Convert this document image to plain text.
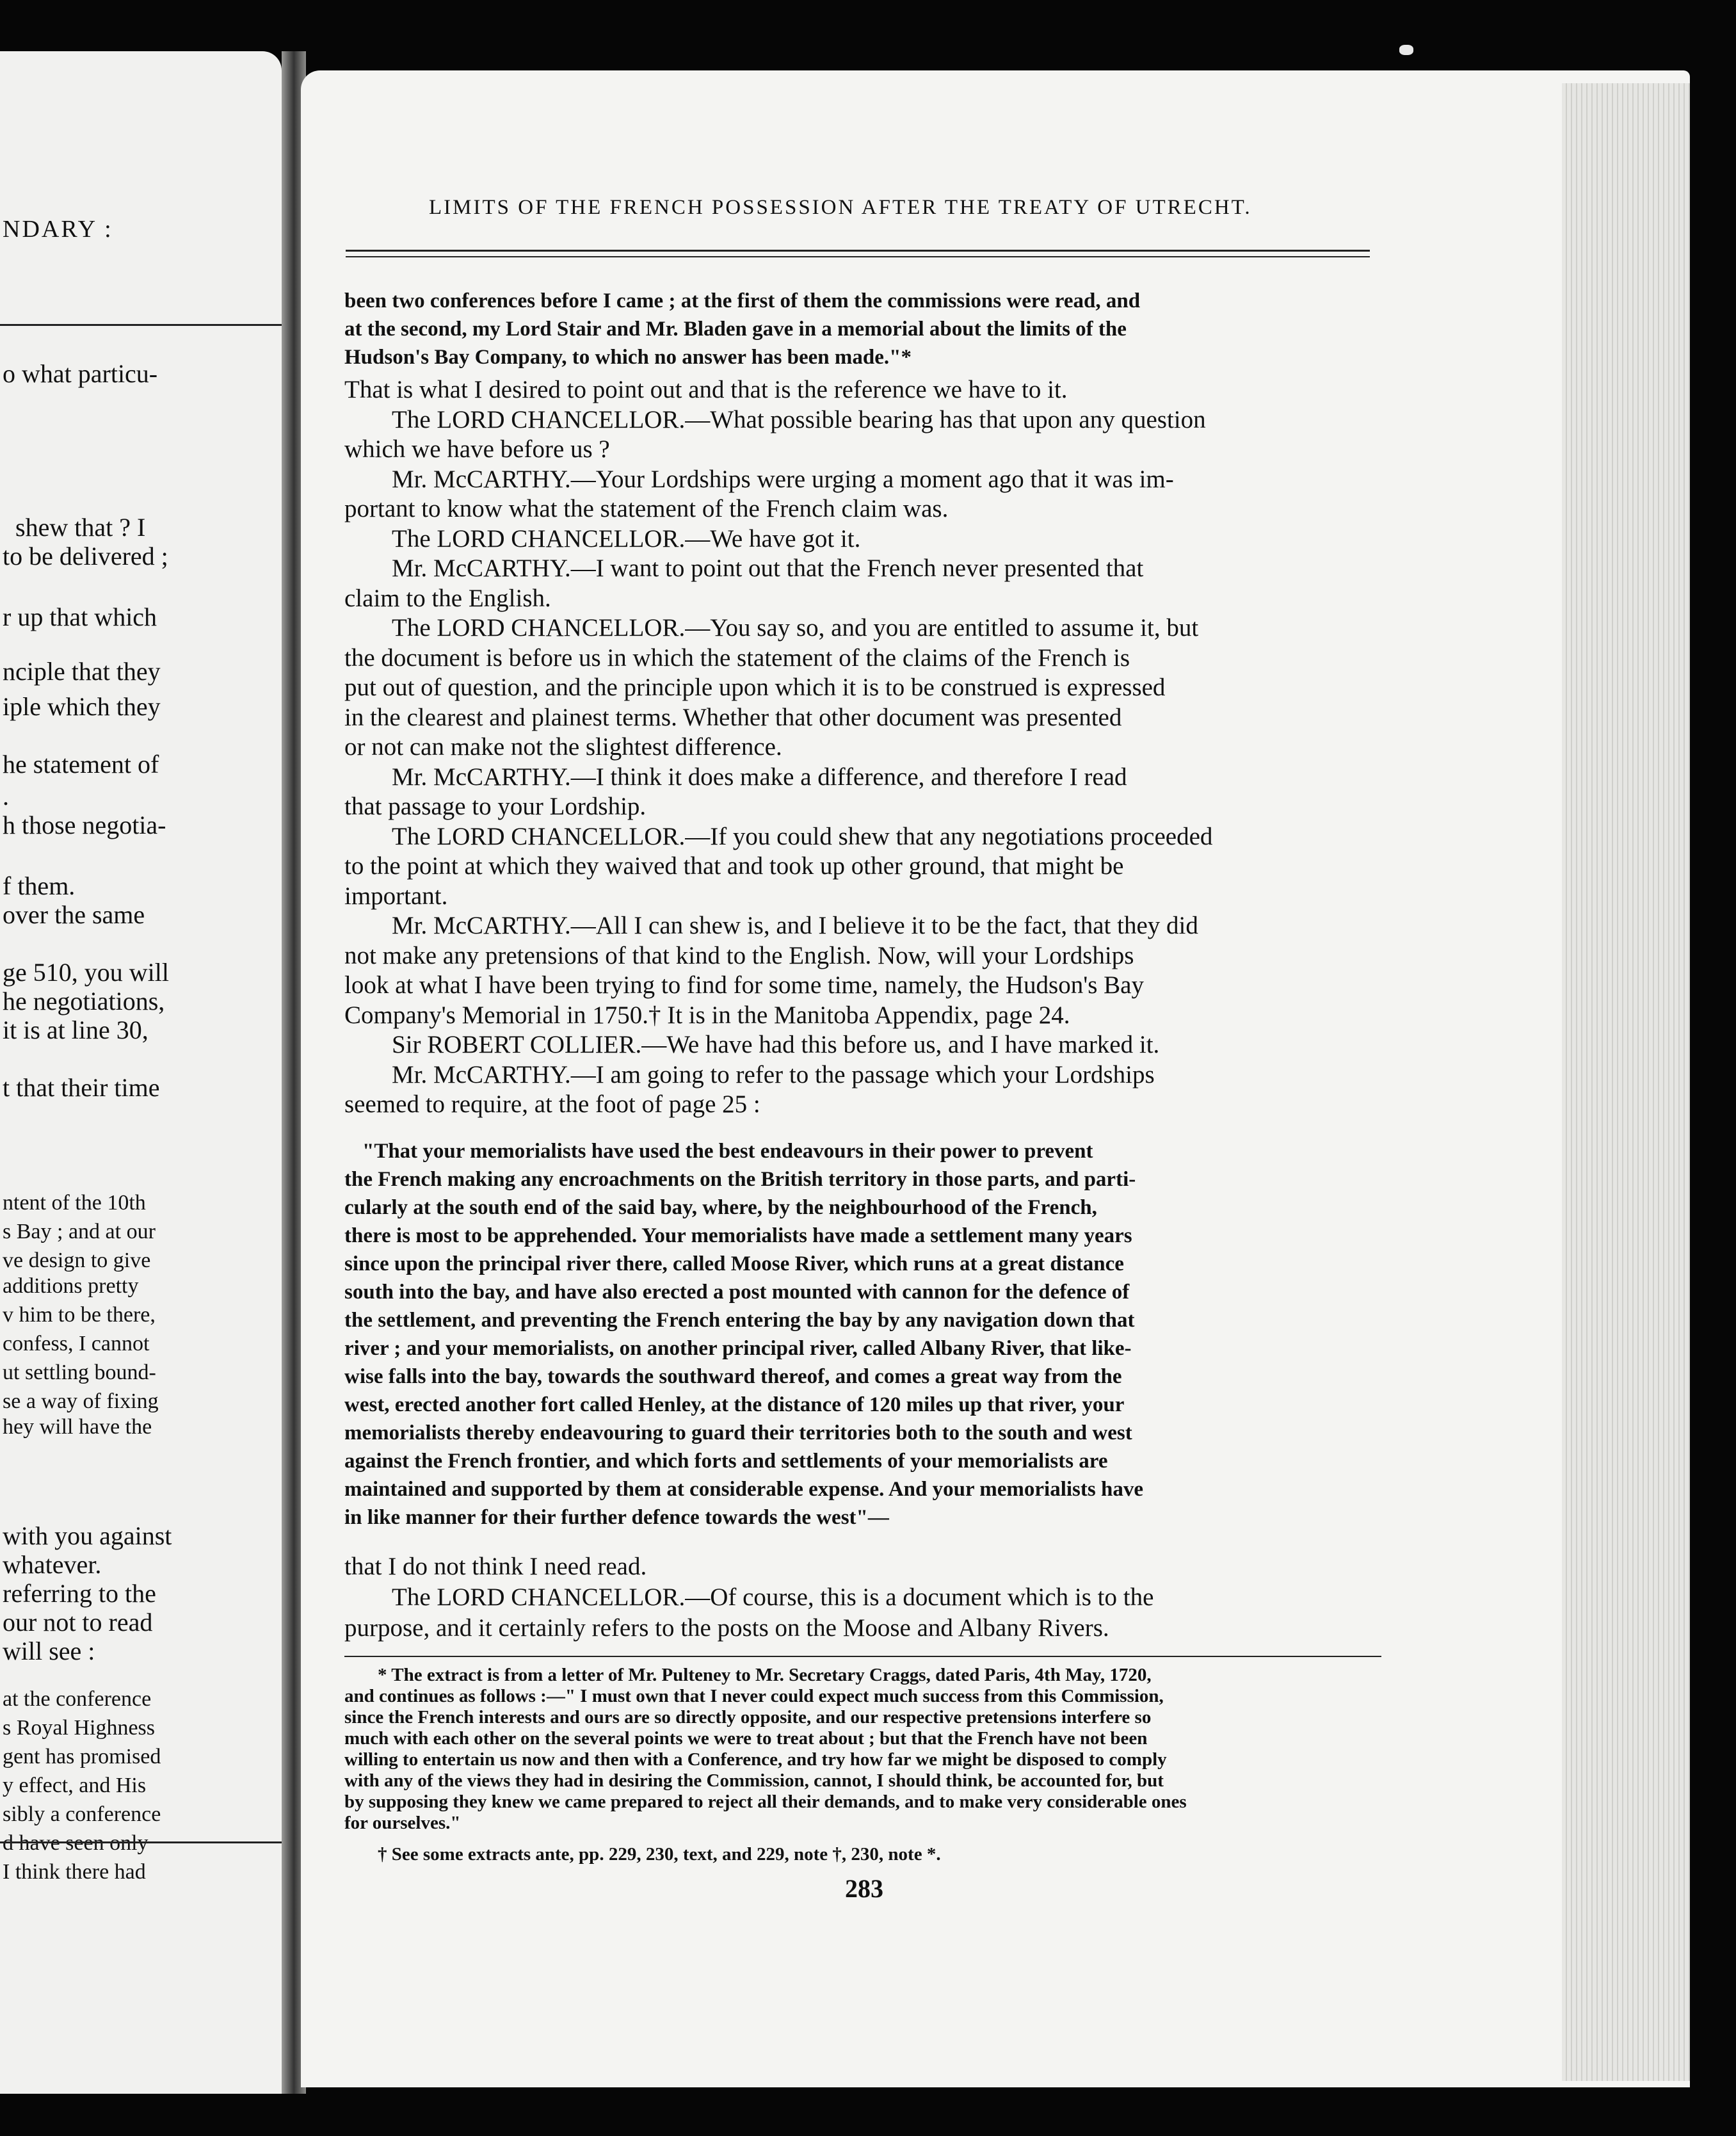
NDARY :
o what particu-
shew that ? I
to be delivered ;
r up that which
nciple that they
iple which they
he statement of
.
h those negotia-
f them.
over the same
ge 510, you will
he negotiations,
it is at line 30,
t that their time
ntent of the 10th
s Bay ; and at our
ve design to give
additions pretty
v him to be there,
confess, I cannot
ut settling bound-
se a way of fixing
hey will have the
with you against
whatever.
referring to the
our not to read
will see :
at the conference
s Royal Highness
gent has promised
y effect, and His
sibly a conference
d have seen only
I think there had
LIMITS OF THE FRENCH POSSESSION AFTER THE TREATY OF UTRECHT.
been two conferences before I came ; at the first of them the commissions were read, and
at the second, my Lord Stair and Mr. Bladen gave in a memorial about the limits of the
Hudson's Bay Company, to which no answer has been made."*
That is what I desired to point out and that is the reference we have to it.
The LORD CHANCELLOR.—What possible bearing has that upon any question
which we have before us ?
Mr. McCARTHY.—Your Lordships were urging a moment ago that it was im-
portant to know what the statement of the French claim was.
The LORD CHANCELLOR.—We have got it.
Mr. McCARTHY.—I want to point out that the French never presented that
claim to the English.
The LORD CHANCELLOR.—You say so, and you are entitled to assume it, but
the document is before us in which the statement of the claims of the French is
put out of question, and the principle upon which it is to be construed is expressed
in the clearest and plainest terms. Whether that other document was presented
or not can make not the slightest difference.
Mr. McCARTHY.—I think it does make a difference, and therefore I read
that passage to your Lordship.
The LORD CHANCELLOR.—If you could shew that any negotiations proceeded
to the point at which they waived that and took up other ground, that might be
important.
Mr. McCARTHY.—All I can shew is, and I believe it to be the fact, that they did
not make any pretensions of that kind to the English. Now, will your Lordships
look at what I have been trying to find for some time, namely, the Hudson's Bay
Company's Memorial in 1750.† It is in the Manitoba Appendix, page 24.
Sir ROBERT COLLIER.—We have had this before us, and I have marked it.
Mr. McCARTHY.—I am going to refer to the passage which your Lordships
seemed to require, at the foot of page 25 :
"That your memorialists have used the best endeavours in their power to prevent
the French making any encroachments on the British territory in those parts, and parti-
cularly at the south end of the said bay, where, by the neighbourhood of the French,
there is most to be apprehended. Your memorialists have made a settlement many years
since upon the principal river there, called Moose River, which runs at a great distance
south into the bay, and have also erected a post mounted with cannon for the defence of
the settlement, and preventing the French entering the bay by any navigation down that
river ; and your memorialists, on another principal river, called Albany River, that like-
wise falls into the bay, towards the southward thereof, and comes a great way from the
west, erected another fort called Henley, at the distance of 120 miles up that river, your
memorialists thereby endeavouring to guard their territories both to the south and west
against the French frontier, and which forts and settlements of your memorialists are
maintained and supported by them at considerable expense. And your memorialists have
in like manner for their further defence towards the west"—
that I do not think I need read.
The LORD CHANCELLOR.—Of course, this is a document which is to the
purpose, and it certainly refers to the posts on the Moose and Albany Rivers.
* The extract is from a letter of Mr. Pulteney to Mr. Secretary Craggs, dated Paris, 4th May, 1720,
and continues as follows :—" I must own that I never could expect much success from this Commission,
since the French interests and ours are so directly opposite, and our respective pretensions interfere so
much with each other on the several points we were to treat about ; but that the French have not been
willing to entertain us now and then with a Conference, and try how far we might be disposed to comply
with any of the views they had in desiring the Commission, cannot, I should think, be accounted for, but
by supposing they knew we came prepared to reject all their demands, and to make very considerable ones
for ourselves."
† See some extracts ante, pp. 229, 230, text, and 229, note †, 230, note *.
283
